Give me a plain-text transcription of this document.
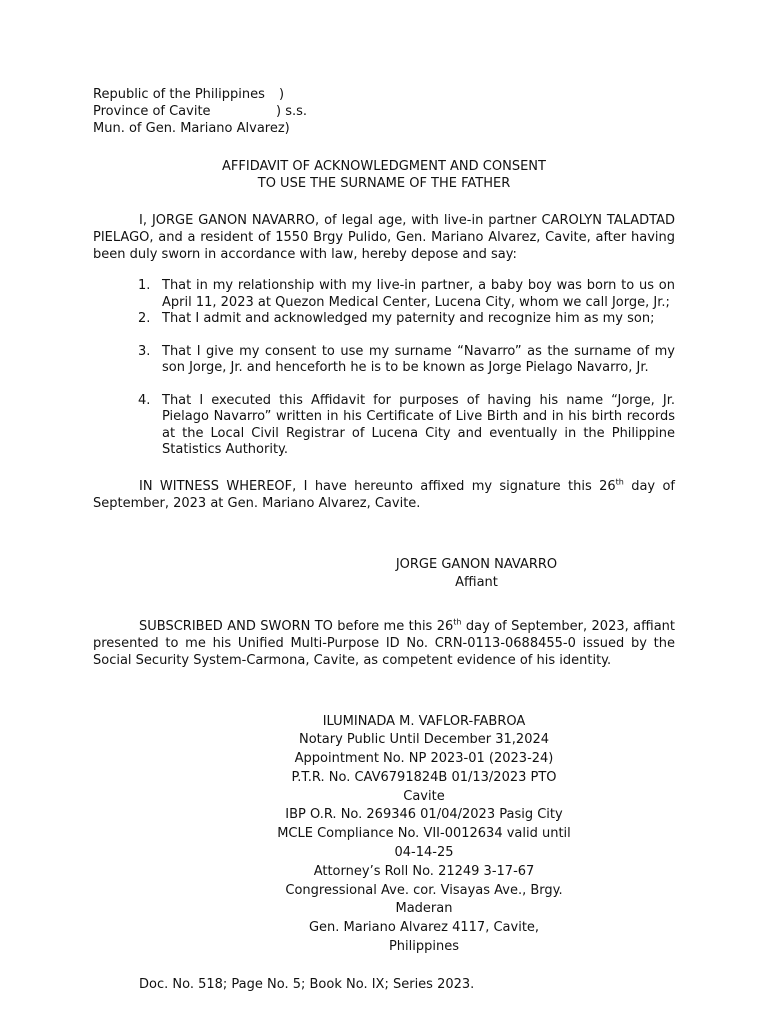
Republic of the Philippines )
Province of Cavite	) s.s.
Mun. of Gen. Mariano Alvarez)
AFFIDAVIT OF ACKNOWLEDGMENT AND CONSENT
TO USE THE SURNAME OF THE FATHER
I, JORGE GANON NAVARRO, of legal age, with live-in partner CAROLYN TALADTAD PIELAGO, and a resident of 1550 Brgy Pulido, Gen. Mariano Alvarez, Cavite, after having been duly sworn in accordance with law, hereby depose and say:
1. That in my relationship with my live-in partner, a baby boy was born to us on April 11, 2023 at Quezon Medical Center, Lucena City, whom we call Jorge, Jr.;
2. That I admit and acknowledged my paternity and recognize him as my son;
3. That I give my consent to use my surname “Navarro” as the surname of my son Jorge, Jr. and henceforth he is to be known as Jorge Pielago Navarro, Jr.
4. That I executed this Affidavit for purposes of having his name “Jorge, Jr. Pielago Navarro” written in his Certificate of Live Birth and in his birth records at the Local Civil Registrar of Lucena City and eventually in the Philippine Statistics Authority.
IN WITNESS WHEREOF, I have hereunto affixed my signature this 26th day of September, 2023 at Gen. Mariano Alvarez, Cavite.
JORGE GANON NAVARRO
Affiant
SUBSCRIBED AND SWORN TO before me this 26th day of September, 2023, affiant presented to me his Unified Multi-Purpose ID No. CRN-0113-0688455-0 issued by the Social Security System-Carmona, Cavite, as competent evidence of his identity.
ILUMINADA M. VAFLOR-FABROA
Notary Public Until December 31,2024
Appointment No. NP 2023-01 (2023-24)
P.T.R. No. CAV6791824B 01/13/2023 PTO Cavite
IBP O.R. No. 269346 01/04/2023 Pasig City
MCLE Compliance No. VII-0012634 valid until 04-14-25
Attorney’s Roll No. 21249 3-17-67
Congressional Ave. cor. Visayas Ave., Brgy. Maderan
Gen. Mariano Alvarez 4117, Cavite, Philippines
Doc. No. 518; Page No. 5; Book No. IX; Series 2023.
